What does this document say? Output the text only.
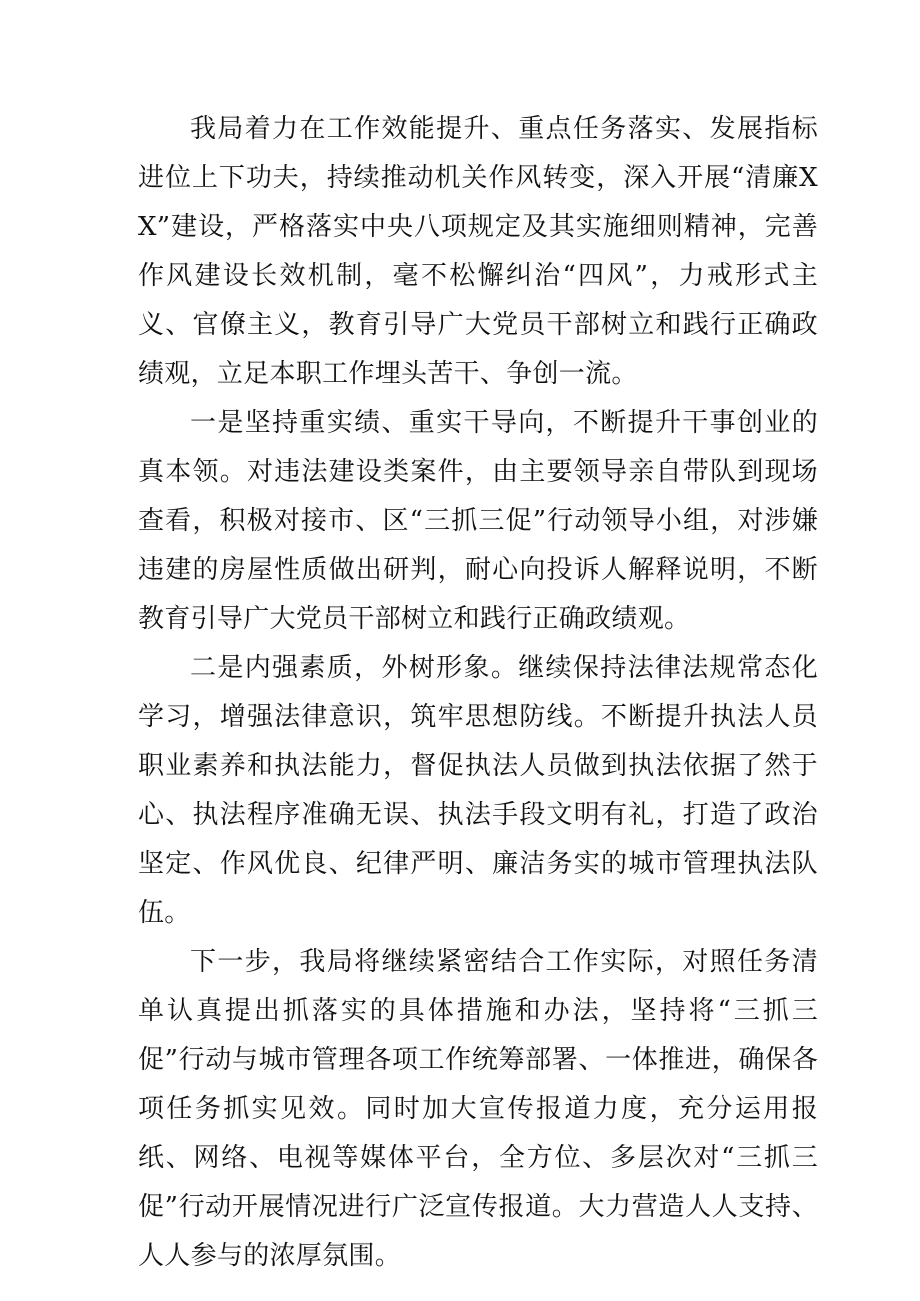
我局着力在工作效能提升、重点任务落实、发展指标进位上下功夫，持续推动机关作风转变，深入开展“清廉XX”建设，严格落实中央八项规定及其实施细则精神，完善作风建设长效机制，毫不松懈纠治“四风”，力戒形式主义、官僚主义，教育引导广大党员干部树立和践行正确政绩观，立足本职工作埋头苦干、争创一流。

一是坚持重实绩、重实干导向，不断提升干事创业的真本领。对违法建设类案件，由主要领导亲自带队到现场查看，积极对接市、区“三抓三促”行动领导小组，对涉嫌违建的房屋性质做出研判，耐心向投诉人解释说明，不断教育引导广大党员干部树立和践行正确政绩观。

二是内强素质，外树形象。继续保持法律法规常态化学习，增强法律意识，筑牢思想防线。不断提升执法人员职业素养和执法能力，督促执法人员做到执法依据了然于心、执法程序准确无误、执法手段文明有礼，打造了政治坚定、作风优良、纪律严明、廉洁务实的城市管理执法队伍。

下一步，我局将继续紧密结合工作实际，对照任务清单认真提出抓落实的具体措施和办法，坚持将“三抓三促”行动与城市管理各项工作统筹部署、一体推进，确保各项任务抓实见效。同时加大宣传报道力度，充分运用报纸、网络、电视等媒体平台，全方位、多层次对“三抓三促”行动开展情况进行广泛宣传报道。大力营造人人支持、人人参与的浓厚氛围。
